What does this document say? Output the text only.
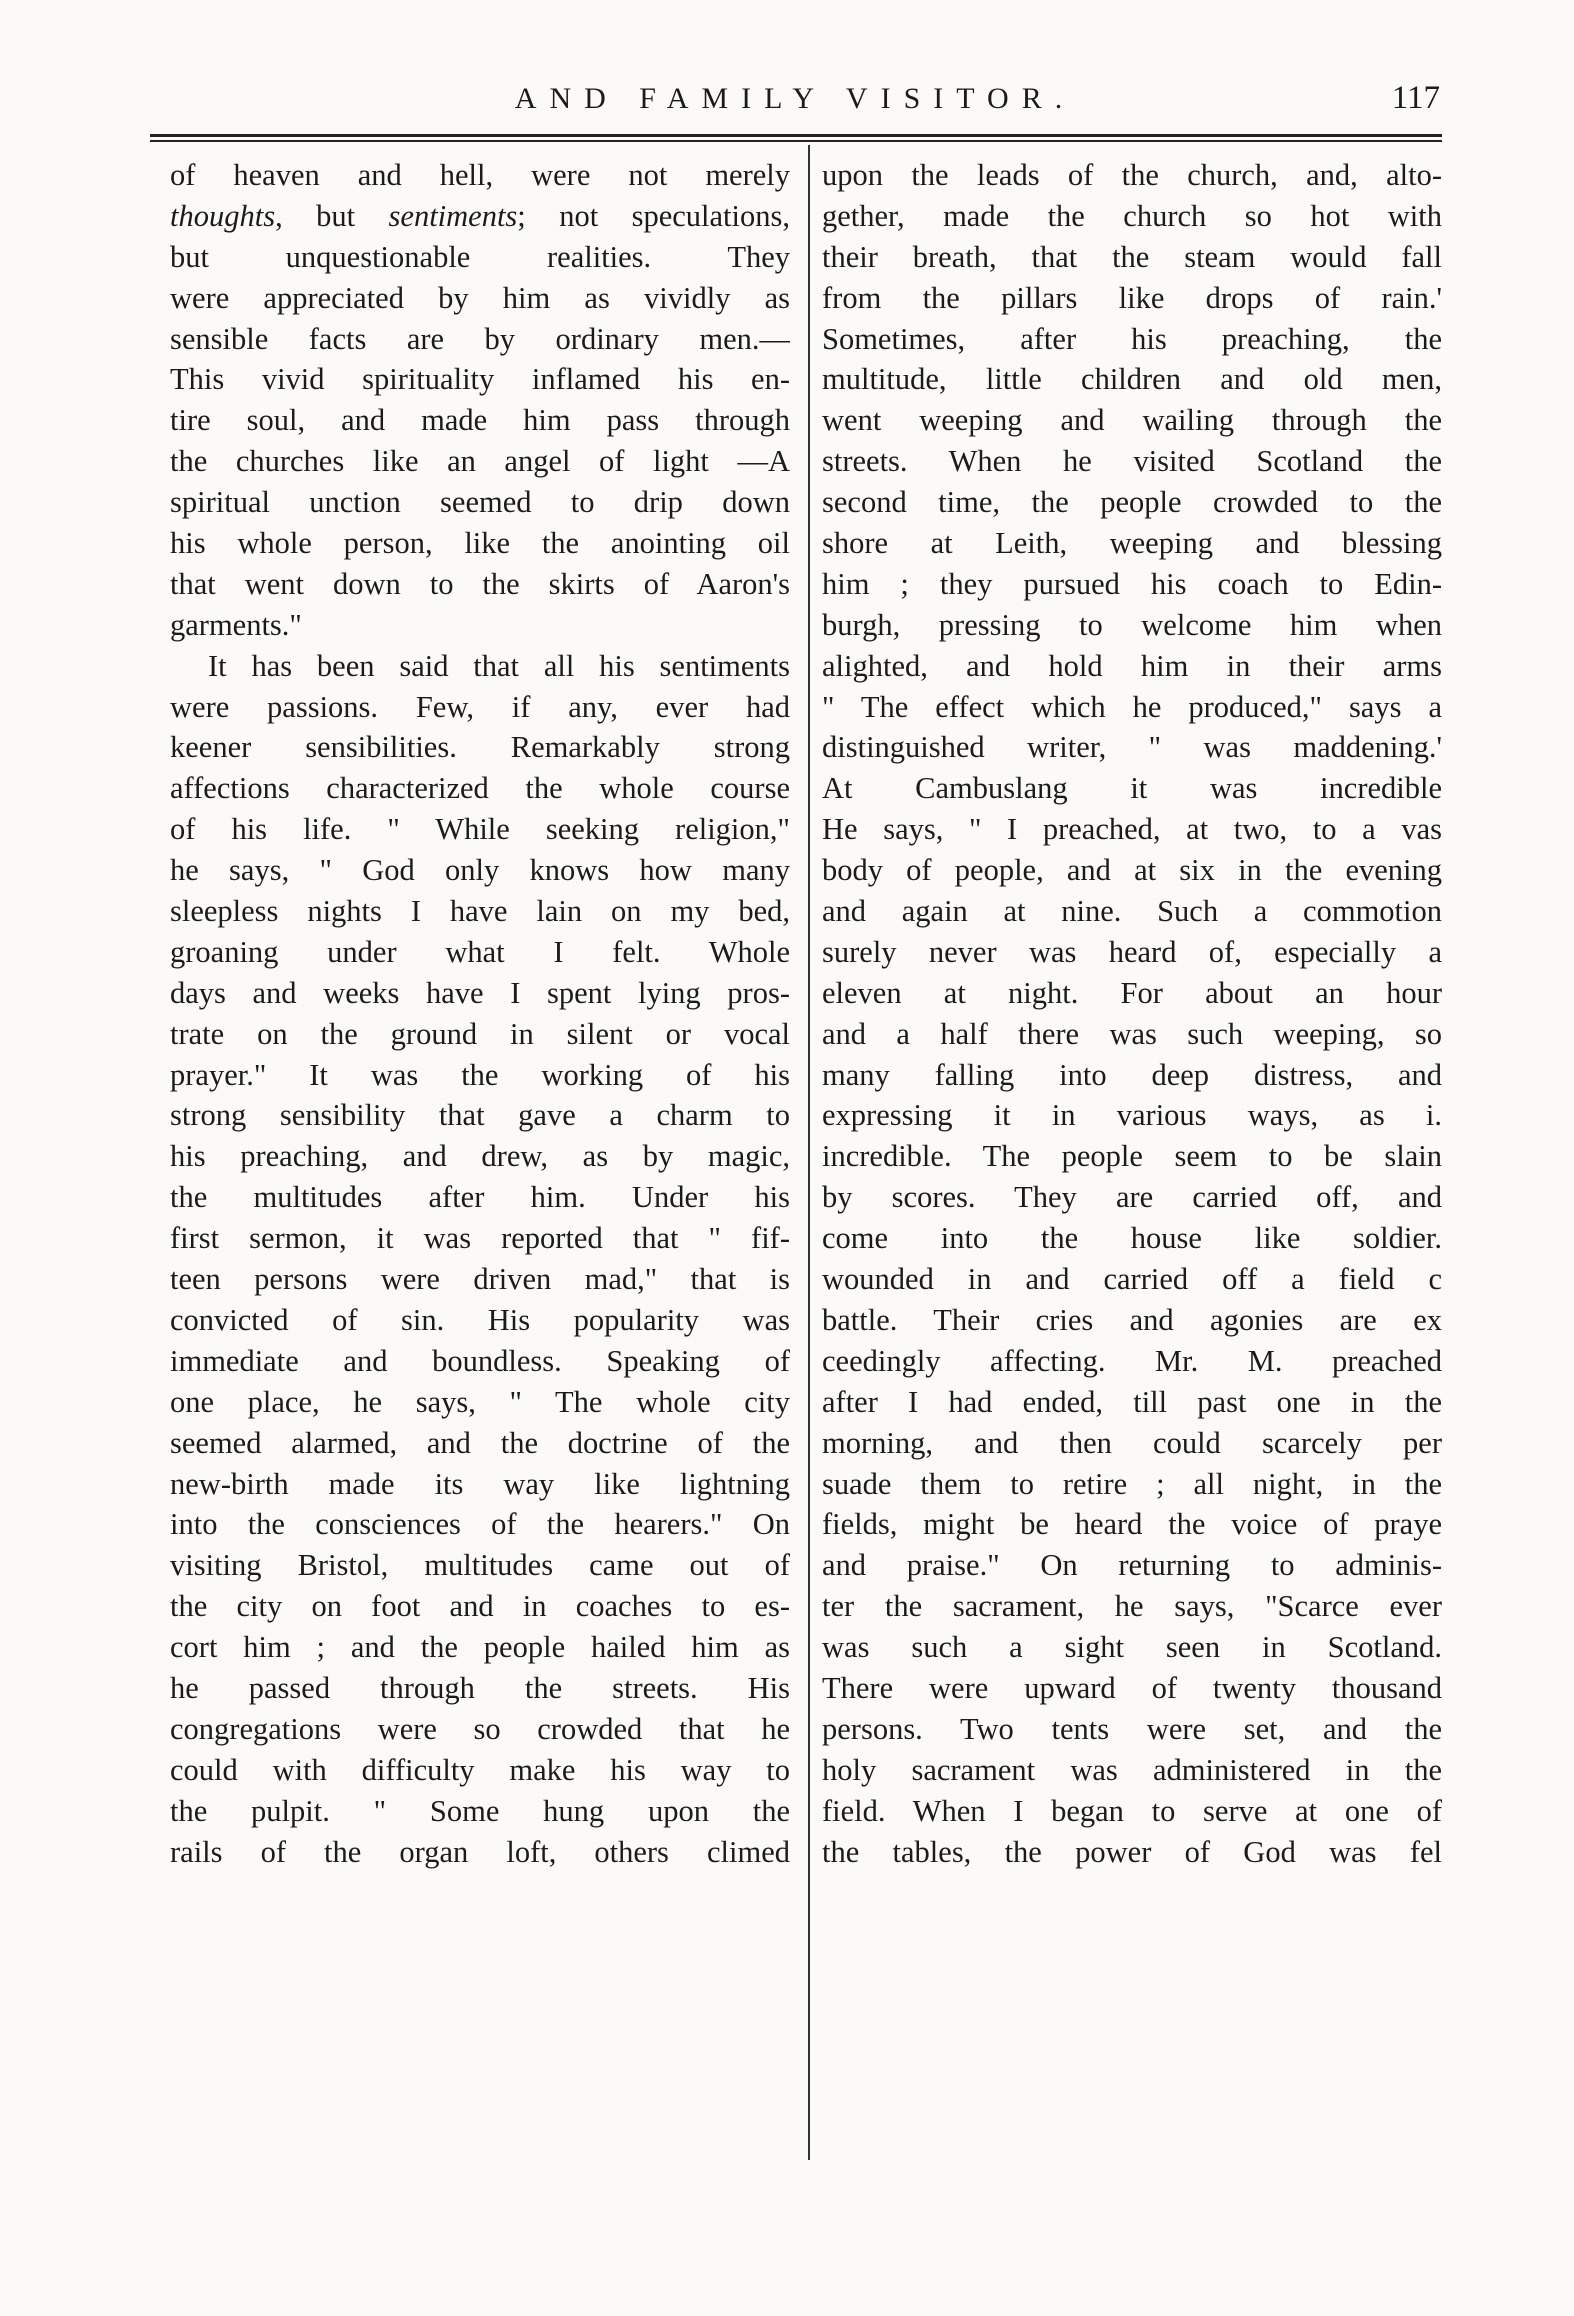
AND FAMILY VISITOR.	117
of heaven and hell, were not merely
thoughts, but sentiments; not speculations,
but unquestionable realities. They
were appreciated by him as vividly as
sensible facts are by ordinary men.—
This vivid spirituality inflamed his en-
tire soul, and made him pass through
the churches like an angel of light —A
spiritual unction seemed to drip down
his whole person, like the anointing oil
that went down to the skirts of Aaron's
garments."
It has been said that all his sentiments
were passions. Few, if any, ever had
keener sensibilities. Remarkably strong
affections characterized the whole course
of his life. " While seeking religion,"
he says, " God only knows how many
sleepless nights I have lain on my bed,
groaning under what I felt. Whole
days and weeks have I spent lying pros-
trate on the ground in silent or vocal
prayer." It was the working of his
strong sensibility that gave a charm to
his preaching, and drew, as by magic,
the multitudes after him. Under his
first sermon, it was reported that " fif-
teen persons were driven mad," that is
convicted of sin. His popularity was
immediate and boundless. Speaking of
one place, he says, " The whole city
seemed alarmed, and the doctrine of the
new-birth made its way like lightning
into the consciences of the hearers." On
visiting Bristol, multitudes came out of
the city on foot and in coaches to es-
cort him ; and the people hailed him as
he passed through the streets. His
congregations were so crowded that he
could with difficulty make his way to
the pulpit. " Some hung upon the
rails of the organ loft, others climed
upon the leads of the church, and, alto-
gether, made the church so hot with
their breath, that the steam would fall
from the pillars like drops of rain.'
Sometimes, after his preaching, the
multitude, little children and old men,
went weeping and wailing through the
streets. When he visited Scotland the
second time, the people crowded to the
shore at Leith, weeping and blessing
him ; they pursued his coach to Edin-
burgh, pressing to welcome him when
alighted, and hold him in their arms
" The effect which he produced," says a
distinguished writer, " was maddening.'
At Cambuslang it was incredible
He says, " I preached, at two, to a vas
body of people, and at six in the evening
and again at nine. Such a commotion
surely never was heard of, especially a
eleven at night. For about an hour
and a half there was such weeping, so
many falling into deep distress, and
expressing it in various ways, as i.
incredible. The people seem to be slain
by scores. They are carried off, and
come into the house like soldier.
wounded in and carried off a field c
battle. Their cries and agonies are ex
ceedingly affecting. Mr. M. preached
after I had ended, till past one in the
morning, and then could scarcely per
suade them to retire ; all night, in the
fields, might be heard the voice of praye
and praise." On returning to adminis-
ter the sacrament, he says, "Scarce ever
was such a sight seen in Scotland.
There were upward of twenty thousand
persons. Two tents were set, and the
holy sacrament was administered in the
field. When I began to serve at one of
the tables, the power of God was fel
